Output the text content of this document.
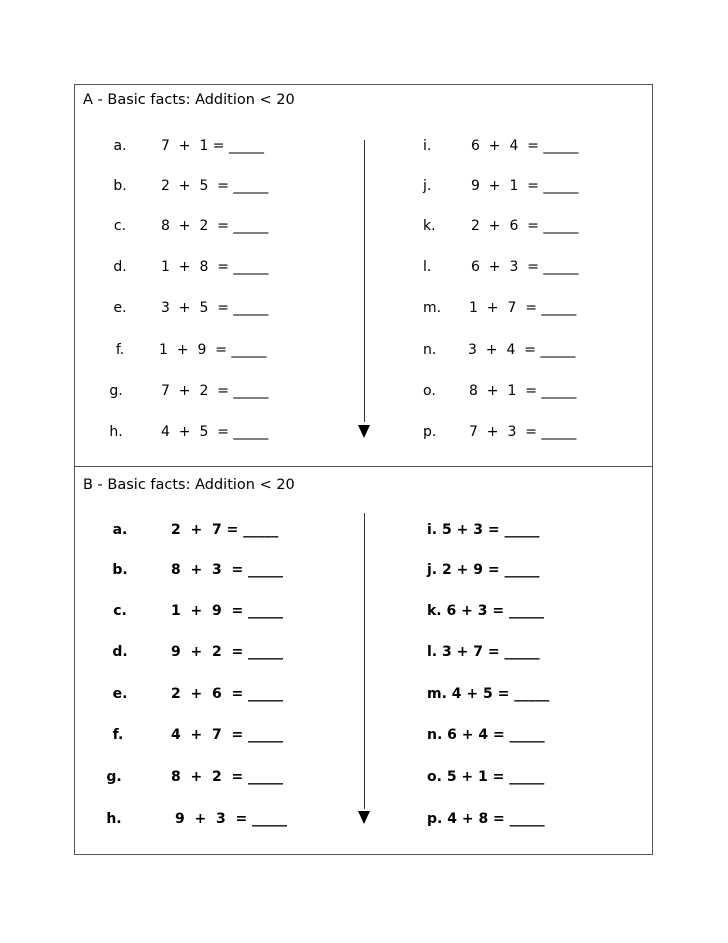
A - Basic facts: Addition < 20
a.	7  +  1 = _____
b.	2  +  5  = _____
c.	8  +  2  = _____
d.	1  +  8  = _____
e.	3  +  5  = _____
f.	1  +  9  = _____
g.	7  +  2  = _____
h.	4  +  5  = _____
i.	6  +  4  = _____
j.	9  +  1  = _____
k.	2  +  6  = _____
l.	6  +  3  = _____
m. 1  +  7  = _____
n. 3  +  4  = _____
o. 8  +  1  = _____
p. 7  +  3  = _____
B - Basic facts: Addition < 20
a.	2  +  7 = _____
b.	8  +  3  = _____
c.	1  +  9  = _____
d.	9  +  2  = _____
e.	2  +  6  = _____
f.	4  +  7  = _____
g.	8  +  2  = _____
h.	9  +  3  = _____
i. 5 + 3 = _____
j. 2 + 9 = _____
k. 6 + 3 = _____
l. 3 + 7 = _____
m. 4 + 5 = _____
n. 6 + 4 = _____
o. 5 + 1 = _____
p. 4 + 8 = _____
